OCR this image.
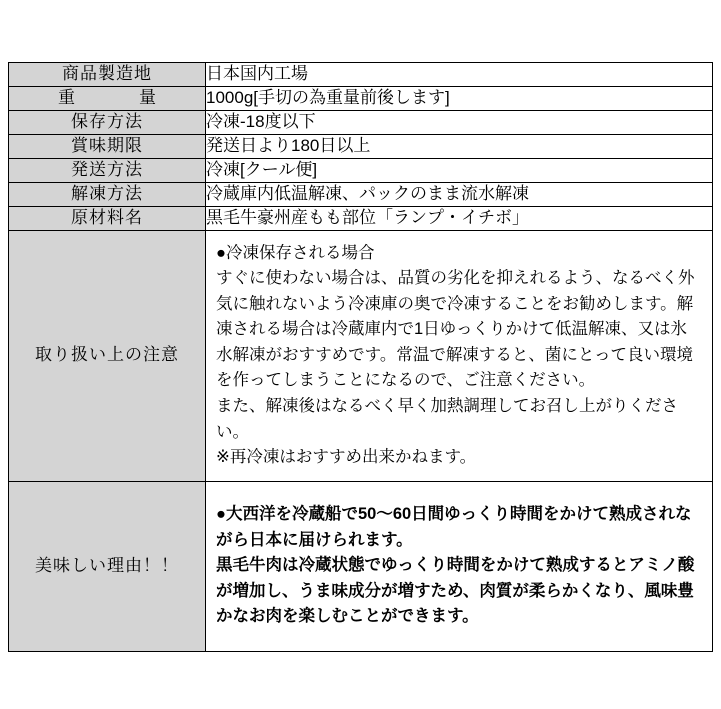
商品製造地	日本国内工場

重　　量	1000g[手切の為重量前後します]

保存方法	冷凍-18度以下

賞味期限	発送日より180日以上

発送方法	冷凍[クール便]

解凍方法	冷蔵庫内低温解凍、パックのまま流水解凍

原材料名	黒毛牛豪州産もも部位「ランプ・イチボ」

取り扱い上の注意	●冷凍保存される場合
すぐに使わない場合は、品質の劣化を抑えれるよう、なるべく外気に触れないよう冷凍庫の奥で冷凍することをお勧めします。解凍される場合は冷蔵庫内で1日ゆっくりかけて低温解凍、又は氷水解凍がおすすめです。常温で解凍すると、菌にとって良い環境を作ってしまうことになるので、ご注意ください。
また、解凍後はなるべく早く加熱調理してお召し上がりください。
※再冷凍はおすすめ出来かねます。

美味しい理由！！	●大西洋を冷蔵船で50〜60日間ゆっくり時間をかけて熟成されながら日本に届けられます。
黒毛牛肉は冷蔵状態でゆっくり時間をかけて熟成するとアミノ酸が増加し、うま味成分が増すため、肉質が柔らかくなり、風味豊かなお肉を楽しむことができます。
